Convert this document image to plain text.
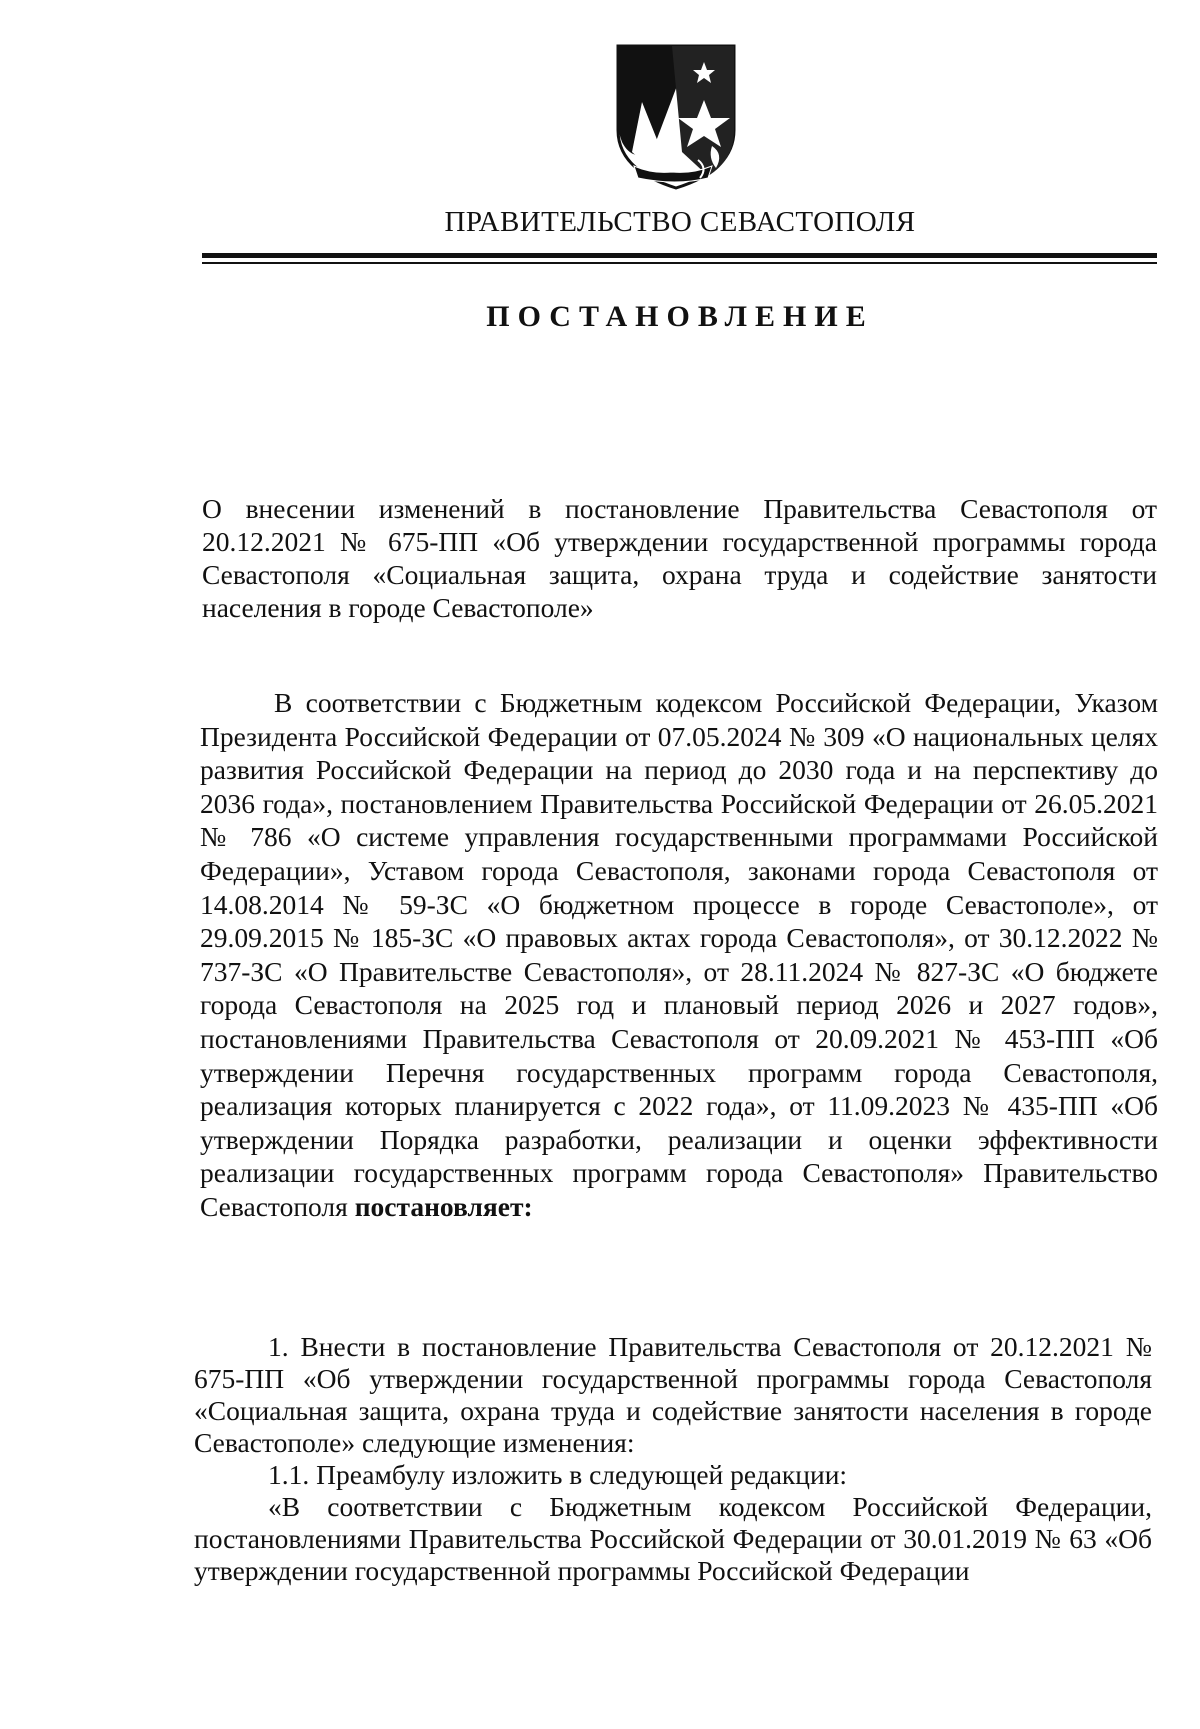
ПРАВИТЕЛЬСТВО СЕВАСТОПОЛЯ
ПОСТАНОВЛЕНИЕ
О внесении изменений в постановление Правительства Севастополя от 20.12.2021 № 675-ПП «Об утверждении государственной программы города Севастополя «Социальная защита, охрана труда и содействие занятости населения в городе Севастополе»
В соответствии с Бюджетным кодексом Российской Федерации, Указом Президента Российской Федерации от 07.05.2024 № 309 «О национальных целях развития Российской Федерации на период до 2030 года и на перспективу до 2036 года», постановлением Правительства Российской Федерации от 26.05.2021 № 786 «О системе управления государственными программами Российской Федерации», Уставом города Севастополя, законами города Севастополя от 14.08.2014 № 59-ЗС «О бюджетном процессе в городе Севастополе», от 29.09.2015 № 185-ЗС «О правовых актах города Севастополя», от 30.12.2022 № 737-ЗС «О Правительстве Севастополя», от 28.11.2024 № 827-ЗС «О бюджете города Севастополя на 2025 год и плановый период 2026 и 2027 годов», постановлениями Правительства Севастополя от 20.09.2021 № 453-ПП «Об утверждении Перечня государственных программ города Севастополя, реализация которых планируется с 2022 года», от 11.09.2023 № 435-ПП «Об утверждении Порядка разработки, реализации и оценки эффективности реализации государственных программ города Севастополя» Правительство Севастополя постановляет:

1. Внести в постановление Правительства Севастополя от 20.12.2021 № 675-ПП «Об утверждении государственной программы города Севастополя «Социальная защита, охрана труда и содействие занятости населения в городе Севастополе» следующие изменения:

1.1. Преамбулу изложить в следующей редакции:

«В соответствии с Бюджетным кодексом Российской Федерации, постановлениями Правительства Российской Федерации от 30.01.2019 № 63 «Об утверждении государственной программы Российской Федерации
